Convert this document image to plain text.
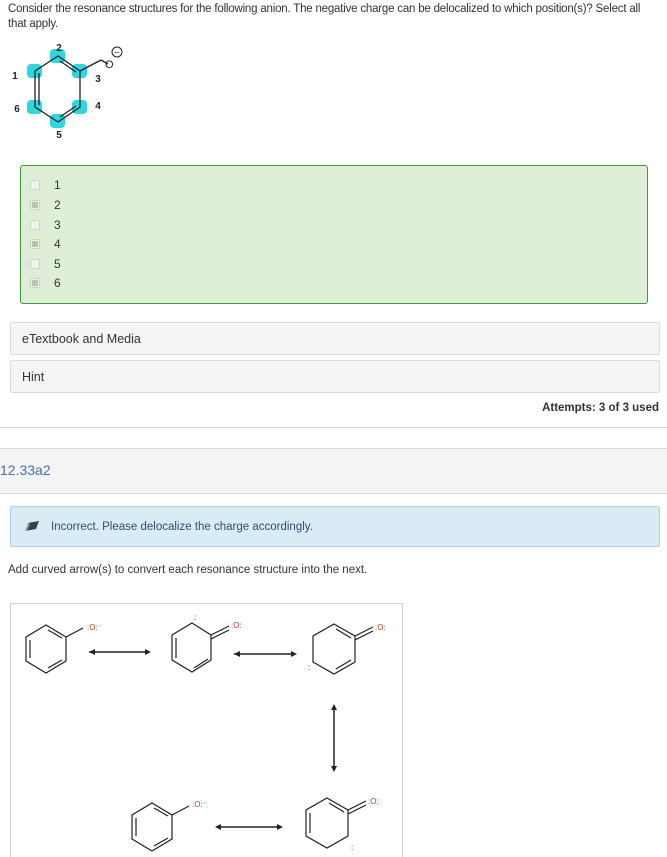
Consider the resonance structures for the following anion. The negative charge can be delocalized to which position(s)? Select all that apply.
2
1	3
6	4
5
O
−
1
2
3
4
5
6
eTextbook and Media
Hint
Attempts: 3 of 3 used
12.33a2
Incorrect. Please delocalize the charge accordingly.
Add curved arrow(s) to convert each resonance structure into the next.
:O:⁻
:
:O:
:
:O:
:
:O:
:O:⁻
